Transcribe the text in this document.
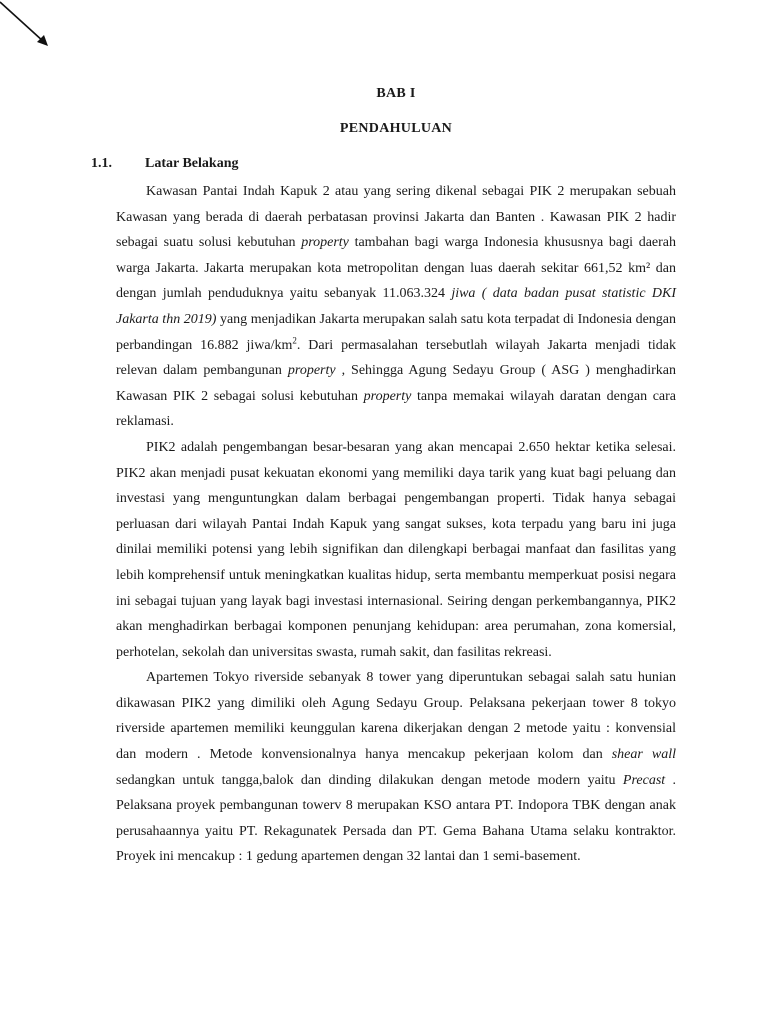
BAB I
PENDAHULUAN
1.1. Latar Belakang

Kawasan Pantai Indah Kapuk 2 atau yang sering dikenal sebagai PIK 2 merupakan sebuah Kawasan yang berada di daerah perbatasan provinsi Jakarta dan Banten . Kawasan PIK 2 hadir sebagai suatu solusi kebutuhan property tambahan bagi warga Indonesia khususnya bagi daerah warga Jakarta. Jakarta merupakan kota metropolitan dengan luas daerah sekitar 661,52 km² dan dengan jumlah penduduknya yaitu sebanyak 11.063.324 jiwa ( data badan pusat statistic DKI Jakarta thn 2019) yang menjadikan Jakarta merupakan salah satu kota terpadat di Indonesia dengan perbandingan 16.882 jiwa/$km^2$. Dari permasalahan tersebutlah wilayah Jakarta menjadi tidak relevan dalam pembangunan property , Sehingga Agung Sedayu Group ( ASG ) menghadirkan Kawasan PIK 2 sebagai solusi kebutuhan property tanpa memakai wilayah daratan dengan cara reklamasi.

PIK2 adalah pengembangan besar-besaran yang akan mencapai 2.650 hektar ketika selesai. PIK2 akan menjadi pusat kekuatan ekonomi yang memiliki daya tarik yang kuat bagi peluang dan investasi yang menguntungkan dalam berbagai pengembangan properti. Tidak hanya sebagai perluasan dari wilayah Pantai Indah Kapuk yang sangat sukses, kota terpadu yang baru ini juga dinilai memiliki potensi yang lebih signifikan dan dilengkapi berbagai manfaat dan fasilitas yang lebih komprehensif untuk meningkatkan kualitas hidup, serta membantu memperkuat posisi negara ini sebagai tujuan yang layak bagi investasi internasional. Seiring dengan perkembangannya, PIK2 akan menghadirkan berbagai komponen penunjang kehidupan: area perumahan, zona komersial, perhotelan, sekolah dan universitas swasta, rumah sakit, dan fasilitas rekreasi.

Apartemen Tokyo riverside sebanyak 8 tower yang diperuntukan sebagai salah satu hunian dikawasan PIK2 yang dimiliki oleh Agung Sedayu Group. Pelaksana pekerjaan tower 8 tokyo riverside apartemen memiliki keunggulan karena dikerjakan dengan 2 metode yaitu : konvensial dan modern . Metode konvensionalnya hanya mencakup pekerjaan kolom dan shear wall sedangkan untuk tangga,balok dan dinding dilakukan dengan metode modern yaitu Precast . Pelaksana proyek pembangunan towerv 8 merupakan KSO antara PT. Indopora TBK dengan anak perusahaannya yaitu PT. Rekagunatek Persada dan PT. Gema Bahana Utama selaku kontraktor. Proyek ini mencakup : 1 gedung apartemen dengan 32 lantai dan 1 semi-basement.
